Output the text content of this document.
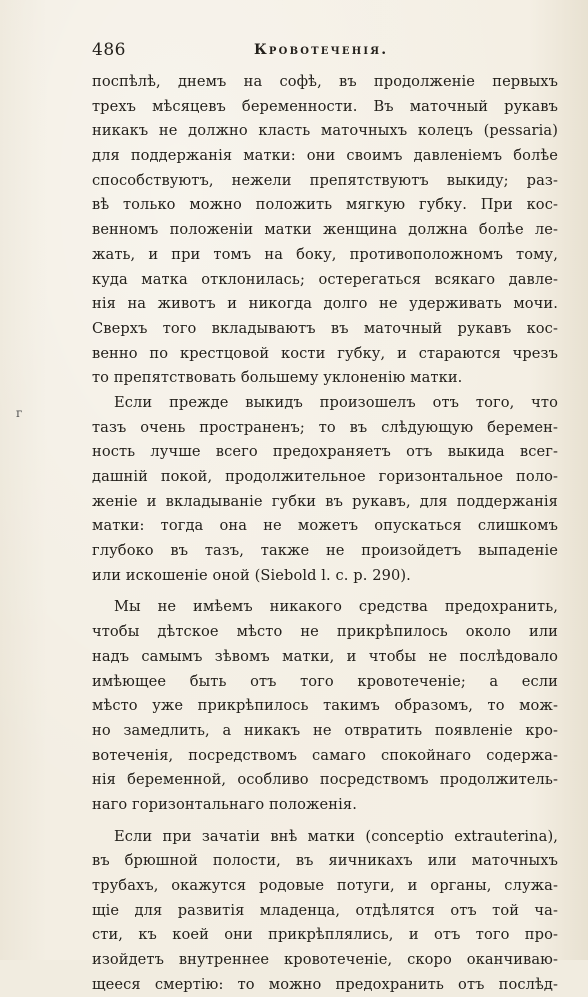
486	Кровотеченія.
г
поспѣлѣ, днемъ на софѣ, въ продолженіе первыхъ
трехъ мѣсяцевъ беременности. Въ маточный рукавъ
никакъ не должно класть маточныхъ колецъ (pessaria)
для поддержанія матки: они своимъ давленіемъ болѣе
способствуютъ, нежели препятствуютъ выкиду; раз-
вѣ только можно положить мягкую губку. При кос-
венномъ положеніи матки женщина должна болѣе ле-
жать, и при томъ на боку, противоположномъ тому,
куда матка отклонилась; остерегаться всякаго давле-
нія на животъ и никогда долго не удерживать мочи.
Сверхъ того вкладываютъ въ маточный рукавъ кос-
венно по крестцовой кости губку, и стараются чрезъ
то препятствовать большему уклоненію матки.
Если прежде выкидъ произошелъ отъ того, что
тазъ очень пространенъ; то въ слѣдующую беремен-
ность лучше всего предохраняетъ отъ выкида всег-
дашній покой, продолжительное горизонтальное поло-
женіе и вкладываніе губки въ рукавъ, для поддержанія
матки: тогда она не можетъ опускаться слишкомъ
глубоко въ тазъ, также не произойдетъ выпаденіе
или искошеніе оной (Siebold l. c. p. 290).
Мы не имѣемъ никакого средства предохранить,
чтобы дѣтское мѣсто не прикрѣпилось около или
надъ самымъ зѣвомъ матки, и чтобы не послѣдовало
имѣющее быть отъ того кровотеченіе; а если
мѣсто уже прикрѣпилось такимъ образомъ, то мож-
но замедлить, а никакъ не отвратить появленіе кро-
вотеченія, посредствомъ самаго спокойнаго содержа-
нія беременной, особливо посредствомъ продолжитель-
наго горизонтальнаго положенія.
Если при зачатіи внѣ матки (conceptio extrauterina),
въ брюшной полости, въ яичникахъ или маточныхъ
трубахъ, окажутся родовые потуги, и органы, служа-
щіе для развитія младенца, отдѣлятся отъ той ча-
сти, къ коей они прикрѣплялись, и отъ того про-
изойдетъ внутреннее кровотеченіе, скоро оканчиваю-
щееся смертію: то можно предохранить отъ послѣд-
